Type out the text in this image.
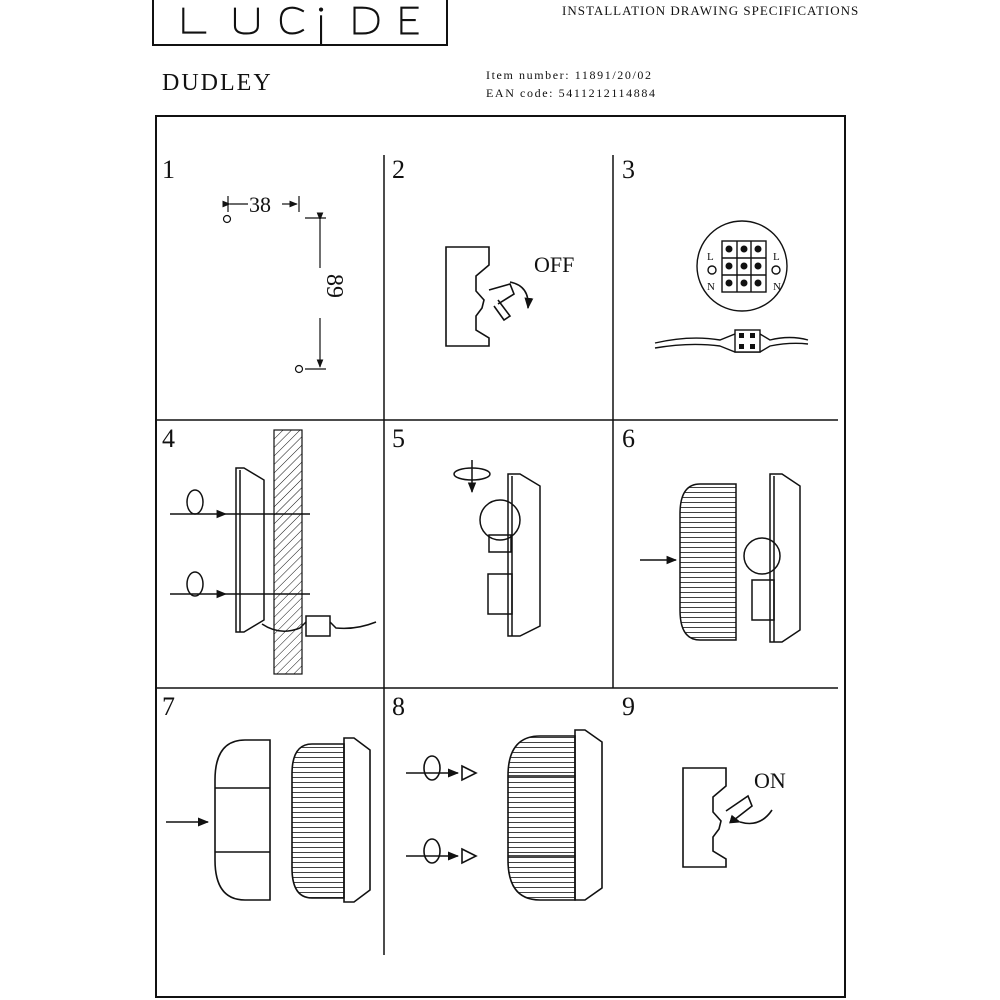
INSTALLATION DRAWING SPECIFICATIONS
DUDLEY	Item number: 11891/20/02
EAN code: 5411212114884
1	2	3
4	5	6
7	8	9
38
89
OFF	L	L
N	N
ON
